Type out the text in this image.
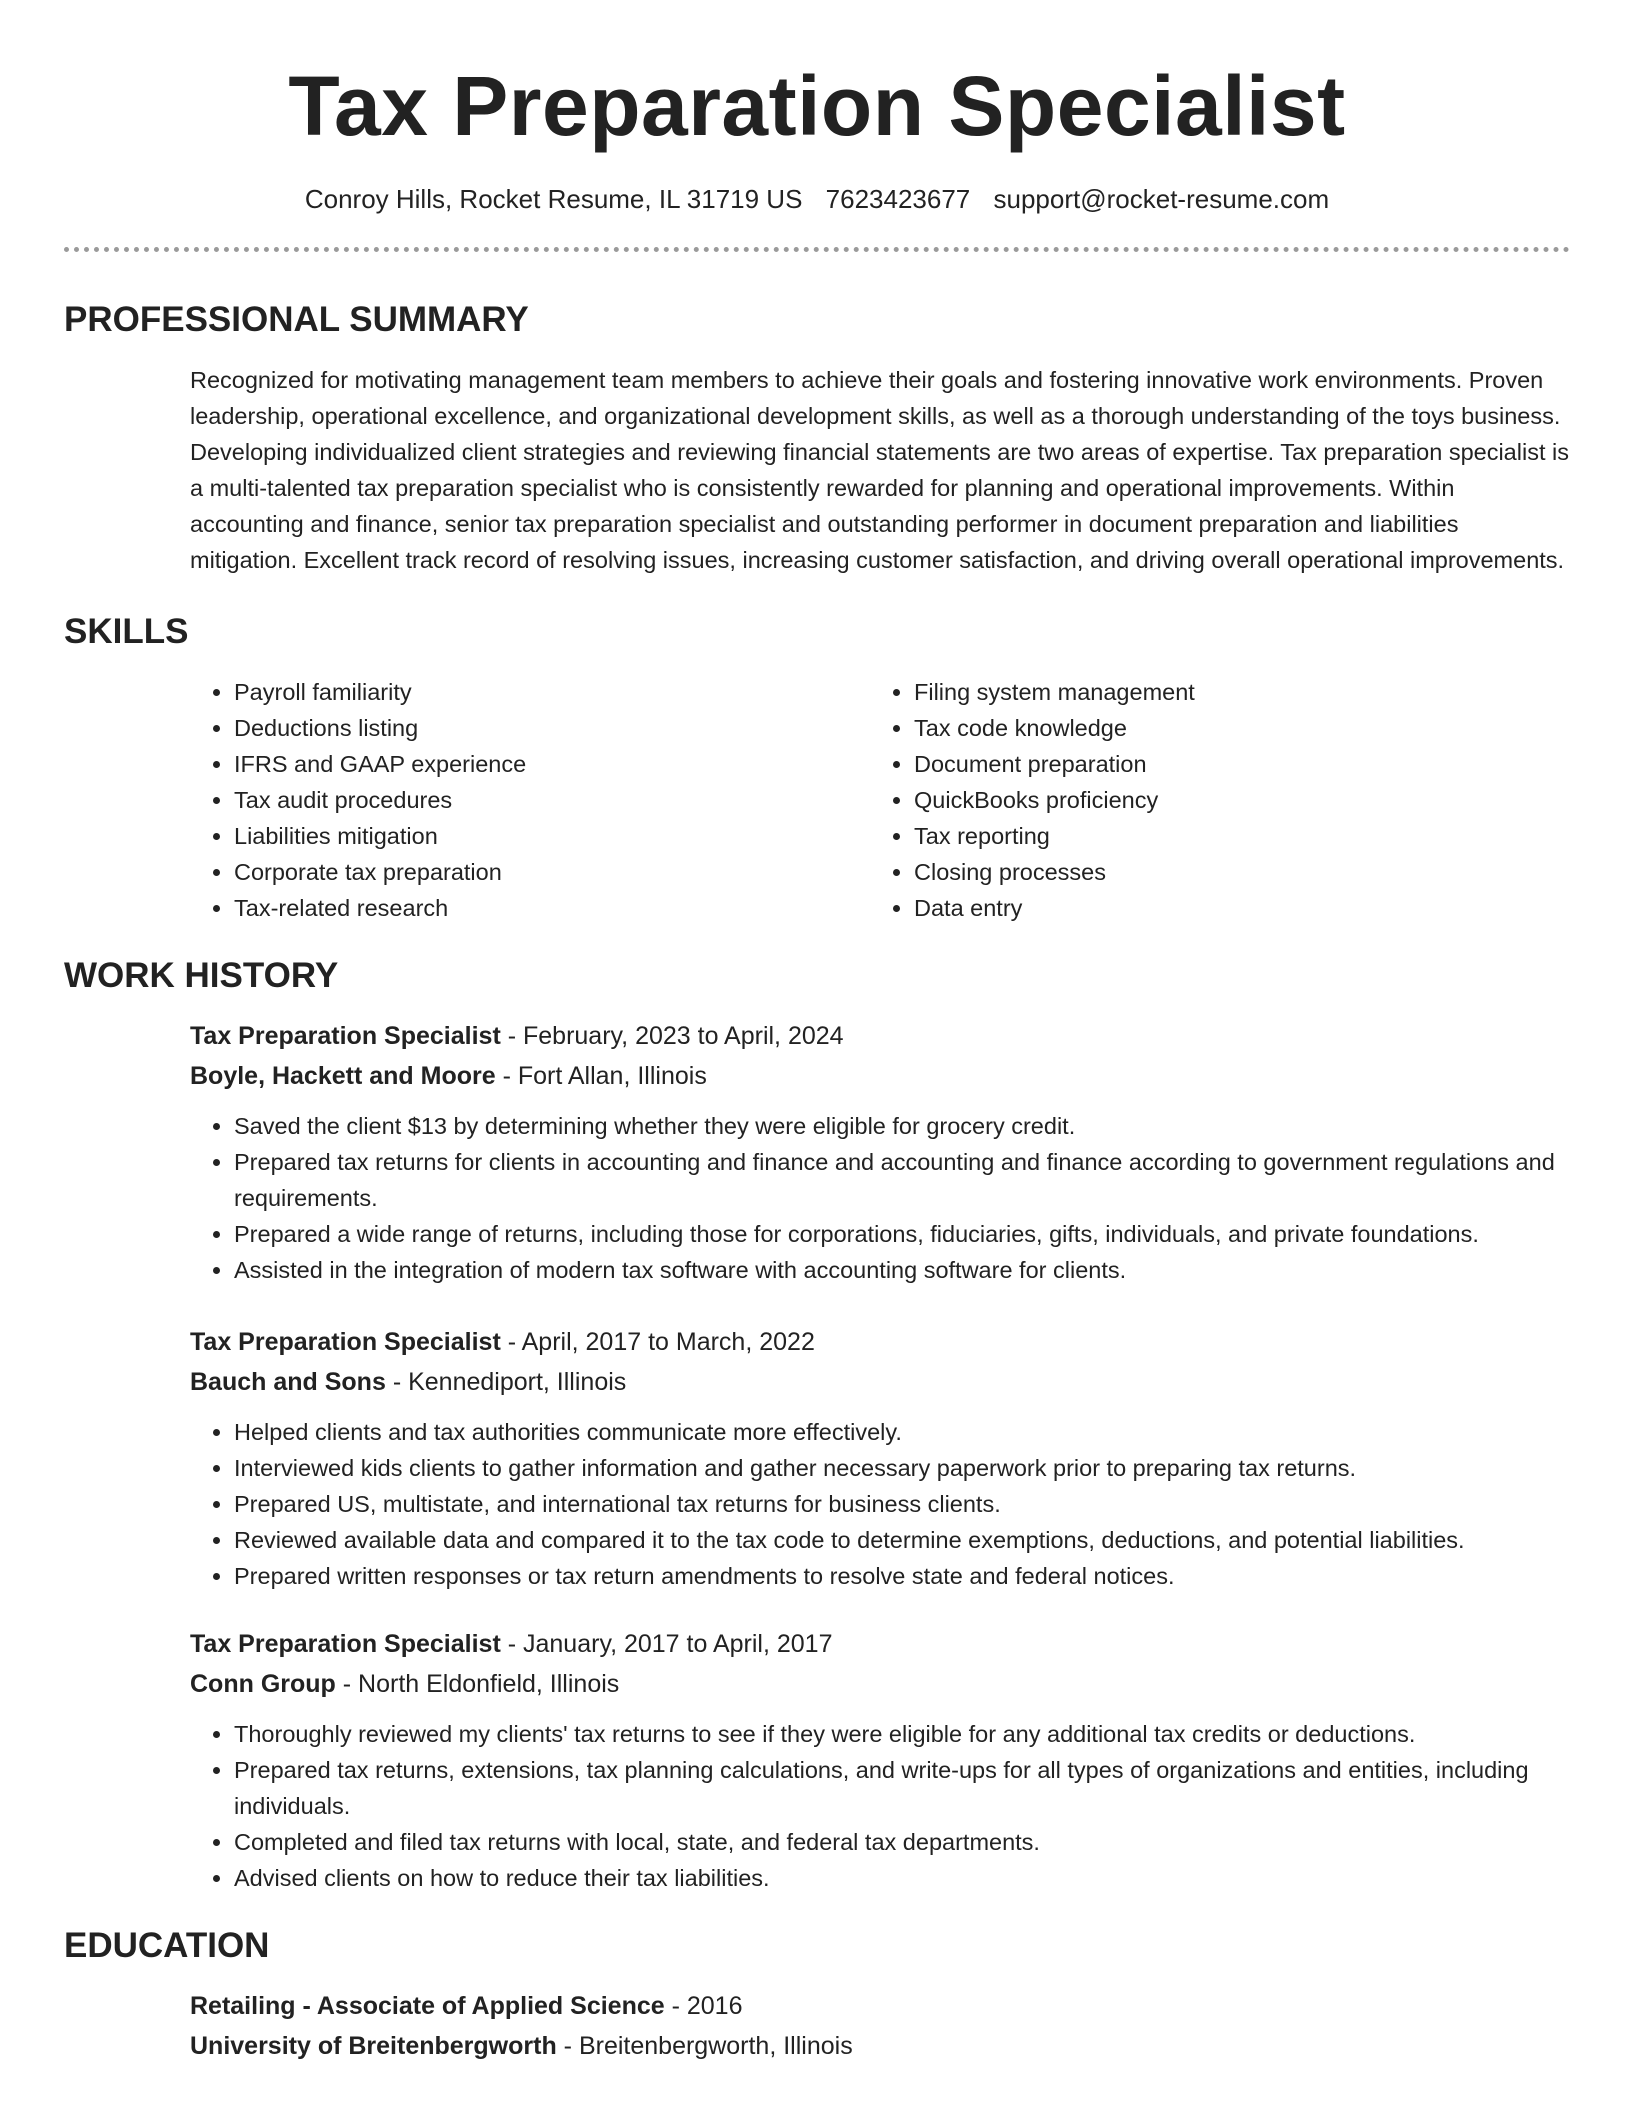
Tax Preparation Specialist
Conroy Hills, Rocket Resume, IL 31719 US 7623423677 support@rocket-resume.com
PROFESSIONAL SUMMARY

Recognized for motivating management team members to achieve their goals and fostering innovative work environments. Proven leadership, operational excellence, and organizational development skills, as well as a thorough understanding of the toys business. Developing individualized client strategies and reviewing financial statements are two areas of expertise. Tax preparation specialist is a multi-talented tax preparation specialist who is consistently rewarded for planning and operational improvements. Within accounting and finance, senior tax preparation specialist and outstanding performer in document preparation and liabilities mitigation. Excellent track record of resolving issues, increasing customer satisfaction, and driving overall operational improvements.

SKILLS
• Payroll familiarity
• Deductions listing
• IFRS and GAAP experience
• Tax audit procedures
• Liabilities mitigation
• Corporate tax preparation
• Tax-related research
• Filing system management
• Tax code knowledge
• Document preparation
• QuickBooks proficiency
• Tax reporting
• Closing processes
• Data entry
WORK HISTORY
Tax Preparation Specialist - February, 2023 to April, 2024
Boyle, Hackett and Moore - Fort Allan, Illinois
• Saved the client $13 by determining whether they were eligible for grocery credit.
• Prepared tax returns for clients in accounting and finance and accounting and finance according to government regulations and requirements.
• Prepared a wide range of returns, including those for corporations, fiduciaries, gifts, individuals, and private foundations.
• Assisted in the integration of modern tax software with accounting software for clients.
Tax Preparation Specialist - April, 2017 to March, 2022
Bauch and Sons - Kennediport, Illinois
• Helped clients and tax authorities communicate more effectively.
• Interviewed kids clients to gather information and gather necessary paperwork prior to preparing tax returns.
• Prepared US, multistate, and international tax returns for business clients.
• Reviewed available data and compared it to the tax code to determine exemptions, deductions, and potential liabilities.
• Prepared written responses or tax return amendments to resolve state and federal notices.
Tax Preparation Specialist - January, 2017 to April, 2017
Conn Group - North Eldonfield, Illinois
• Thoroughly reviewed my clients' tax returns to see if they were eligible for any additional tax credits or deductions.
• Prepared tax returns, extensions, tax planning calculations, and write-ups for all types of organizations and entities, including individuals.
• Completed and filed tax returns with local, state, and federal tax departments.
• Advised clients on how to reduce their tax liabilities.
EDUCATION
Retailing - Associate of Applied Science - 2016
University of Breitenbergworth - Breitenbergworth, Illinois
